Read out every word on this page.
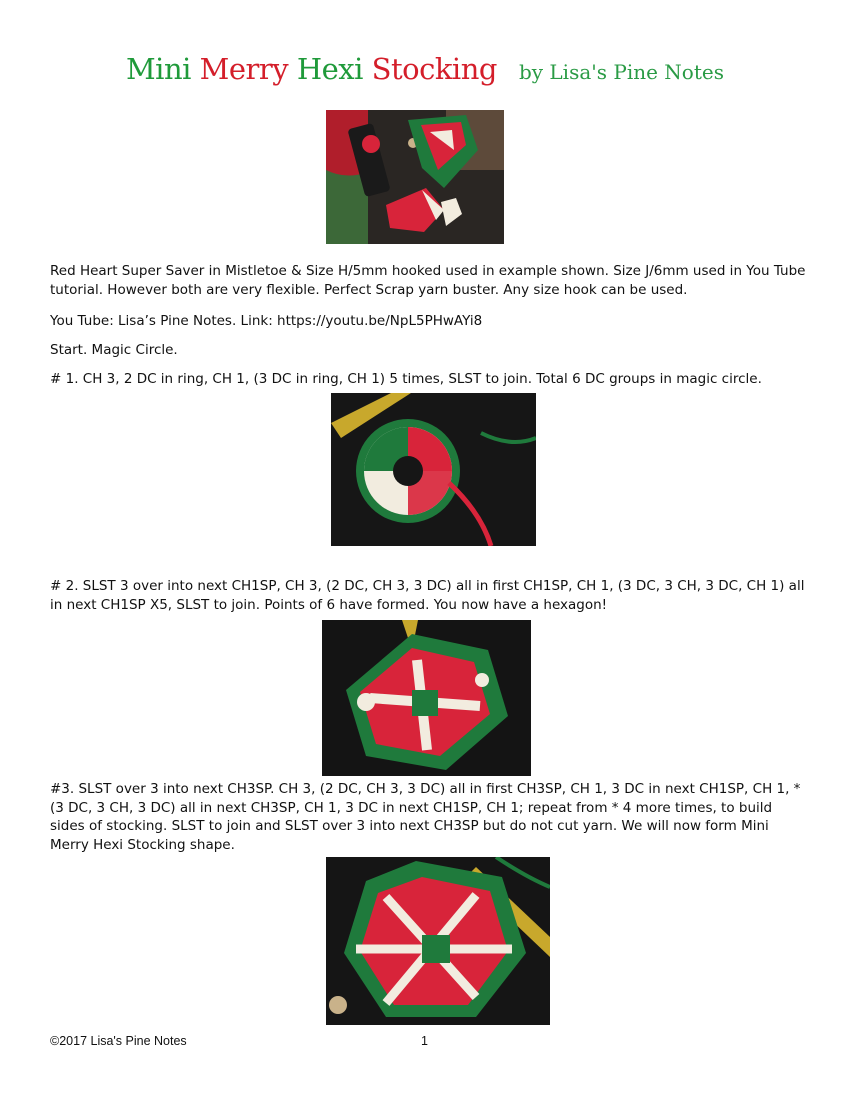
Mini Merry Hexi Stocking by Lisa's Pine Notes

Red Heart Super Saver in Mistletoe & Size H/5mm hooked used in example shown. Size J/6mm used in You Tube tutorial. However both are very flexible. Perfect Scrap yarn buster. Any size hook can be used.

You Tube: Lisa’s Pine Notes. Link: https://youtu.be/NpL5PHwAYi8

Start. Magic Circle.

# 1. CH 3, 2 DC in ring, CH 1, (3 DC in ring, CH 1) 5 times, SLST to join. Total 6 DC groups in magic circle.

# 2. SLST 3 over into next CH1SP, CH 3, (2 DC, CH 3, 3 DC) all in first CH1SP, CH 1, (3 DC, 3 CH, 3 DC, CH 1) all in next CH1SP X5, SLST to join. Points of 6 have formed. You now have a hexagon!

#3. SLST over 3 into next CH3SP. CH 3, (2 DC, CH 3, 3 DC) all in first CH3SP, CH 1, 3 DC in next CH1SP, CH 1, *(3 DC, 3 CH, 3 DC) all in next CH3SP, CH 1, 3 DC in next CH1SP, CH 1; repeat from * 4 more times, to build sides of stocking. SLST to join and SLST over 3 into next CH3SP but do not cut yarn. We will now form Mini Merry Hexi Stocking shape.

©2017 Lisa's Pine Notes	1
